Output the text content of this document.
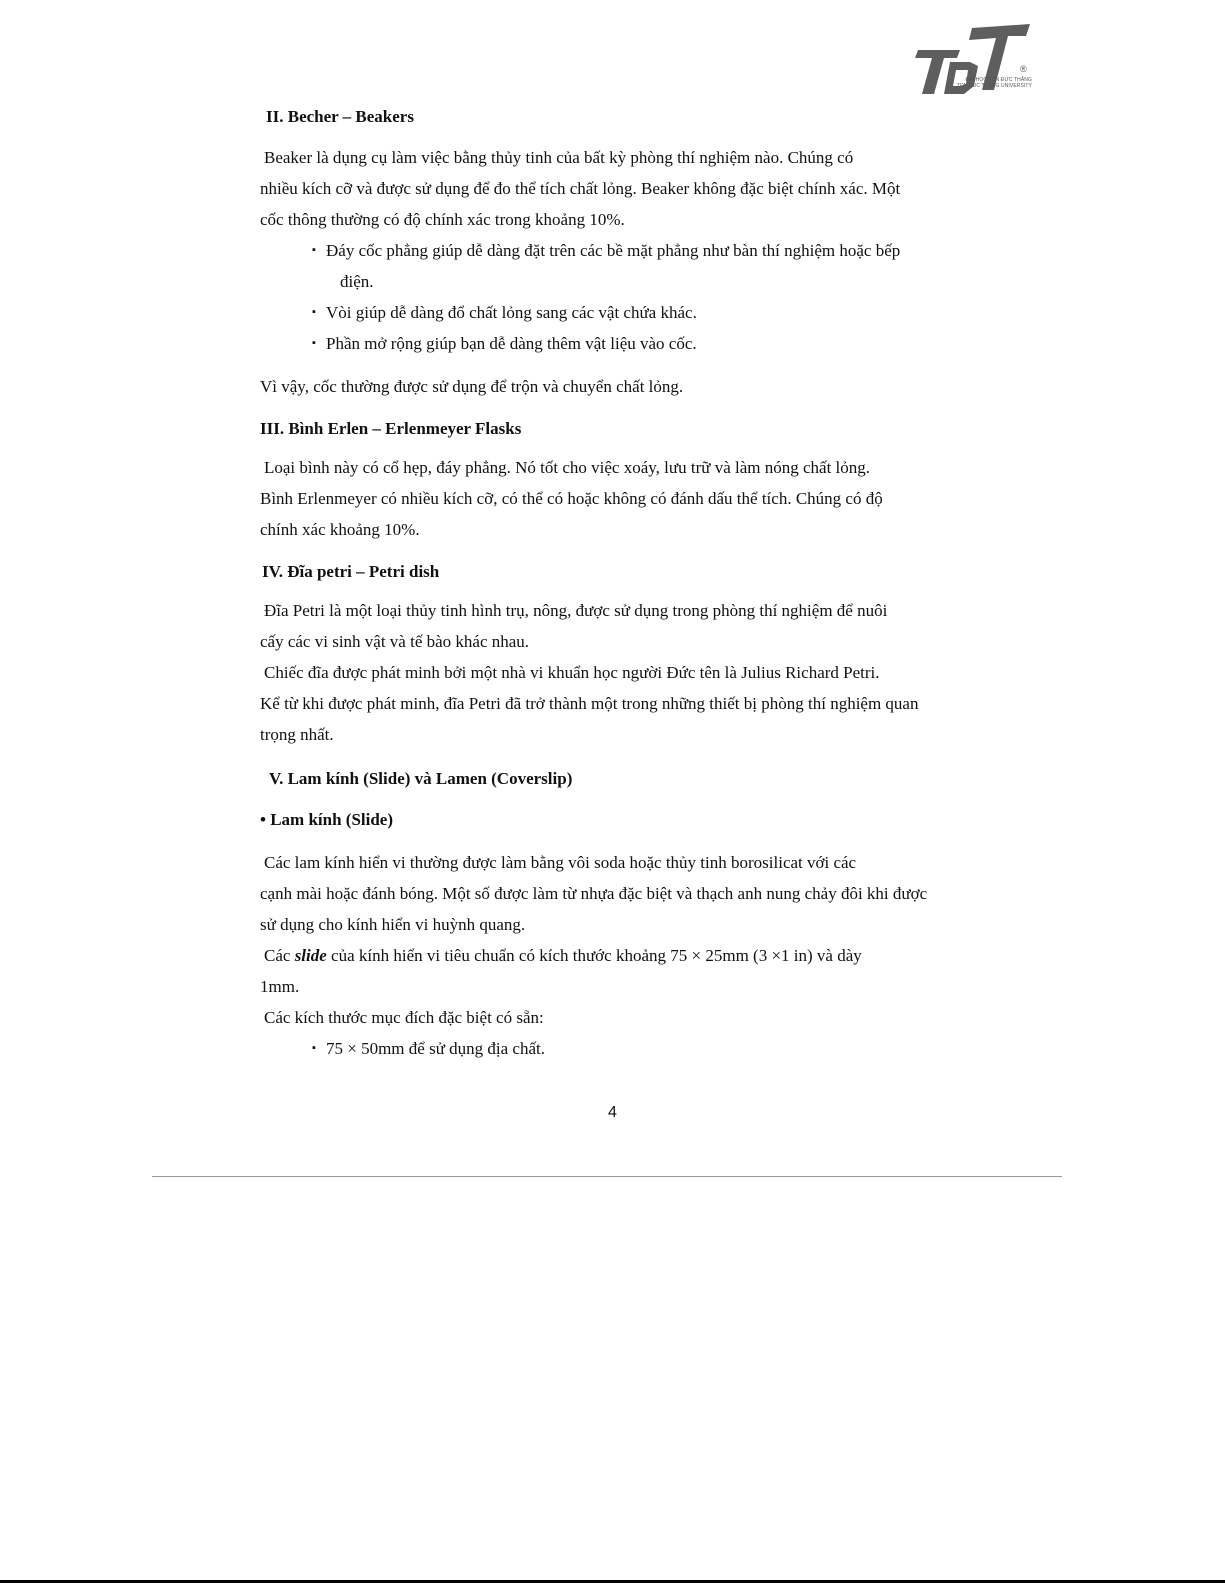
®
ĐẠI HỌC TÔN ĐỨC THẮNG
TON DUC THANG UNIVERSITY

II. Becher – Beakers

Beaker là dụng cụ làm việc bằng thủy tinh của bất kỳ phòng thí nghiệm nào. Chúng có

nhiều kích cỡ và được sử dụng để đo thể tích chất lỏng. Beaker không đặc biệt chính xác. Một

cốc thông thường có độ chính xác trong khoảng 10%.

▪ Đáy cốc phẳng giúp dễ dàng đặt trên các bề mặt phẳng như bàn thí nghiệm hoặc bếp
điện.
▪ Vòi giúp dễ dàng đổ chất lỏng sang các vật chứa khác.
▪ Phần mở rộng giúp bạn dễ dàng thêm vật liệu vào cốc.

Vì vậy, cốc thường được sử dụng để trộn và chuyển chất lỏng.

III. Bình Erlen – Erlenmeyer Flasks

Loại bình này có cổ hẹp, đáy phẳng. Nó tốt cho việc xoáy, lưu trữ và làm nóng chất lỏng.

Bình Erlenmeyer có nhiều kích cỡ, có thể có hoặc không có đánh dấu thể tích. Chúng có độ

chính xác khoảng 10%.

IV. Đĩa petri – Petri dish

Đĩa Petri là một loại thủy tinh hình trụ, nông, được sử dụng trong phòng thí nghiệm để nuôi

cấy các vi sinh vật và tế bào khác nhau.

Chiếc đĩa được phát minh bởi một nhà vi khuẩn học người Đức tên là Julius Richard Petri.

Kể từ khi được phát minh, đĩa Petri đã trở thành một trong những thiết bị phòng thí nghiệm quan

trọng nhất.

V. Lam kính (Slide) và Lamen (Coverslip)

• Lam kính (Slide)

Các lam kính hiển vi thường được làm bằng vôi soda hoặc thủy tinh borosilicat với các

cạnh mài hoặc đánh bóng. Một số được làm từ nhựa đặc biệt và thạch anh nung chảy đôi khi được

sử dụng cho kính hiển vi huỳnh quang.

Các slide của kính hiển vi tiêu chuẩn có kích thước khoảng 75 × 25mm (3 ×1 in) và dày

1mm.

Các kích thước mục đích đặc biệt có sẵn:

▪ 75 × 50mm để sử dụng địa chất.
4
